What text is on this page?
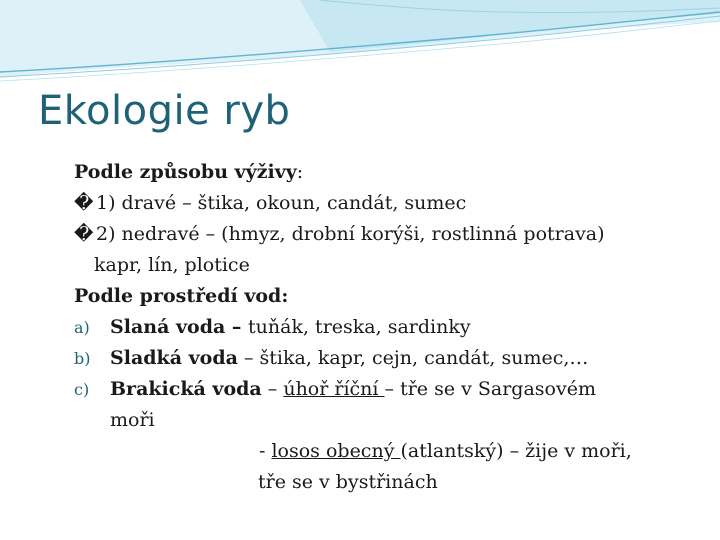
Ekologie ryb
Podle způsobu výživy:
� 1) dravé – štika, okoun, candát, sumec
� 2) nedravé – (hmyz, drobní korýši, rostlinná potrava)
kapr, lín, plotice
Podle prostředí vod:
a) Slaná voda – tuňák, treska, sardinky
b) Sladká voda – štika, kapr, cejn, candát, sumec,…
c) Brakická voda – úhoř říční – tře se v Sargasovém
moři
- losos obecný (atlantský) – žije v moři,
tře se v bystřinách
